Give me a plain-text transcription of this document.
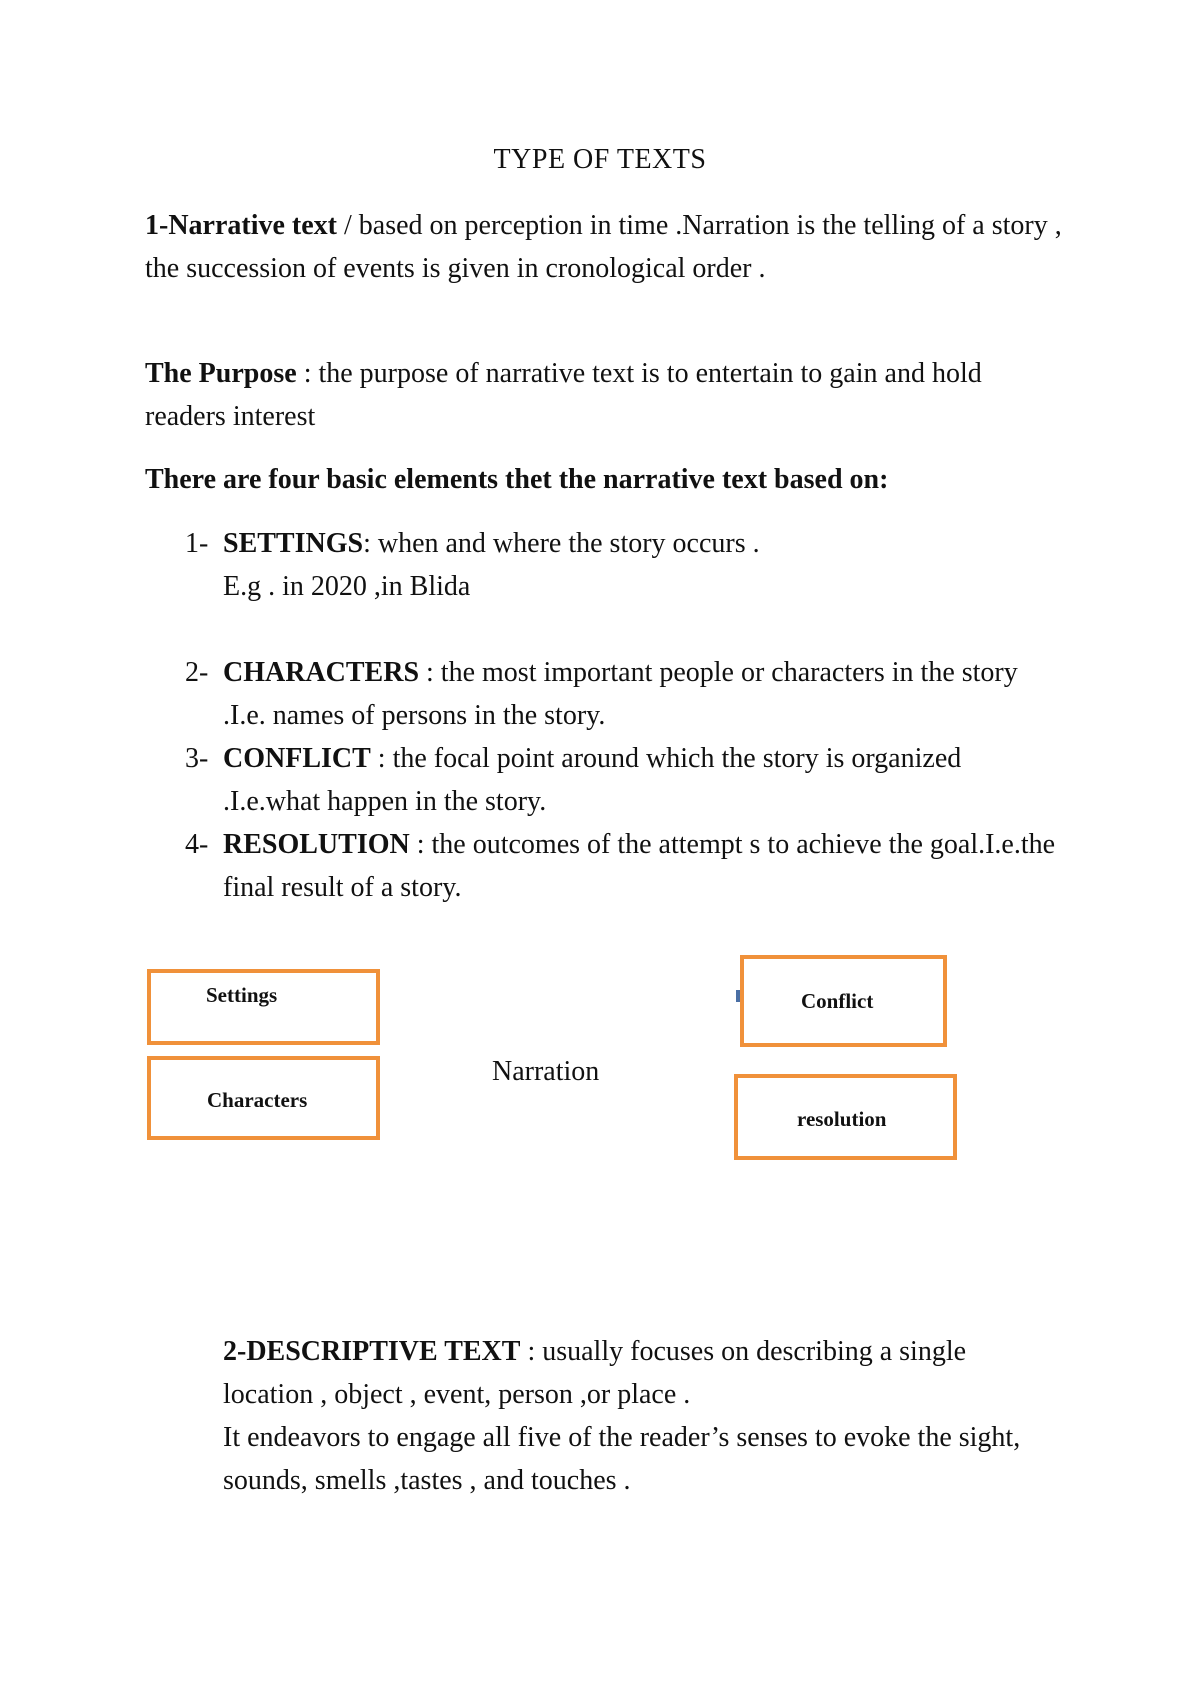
TYPE OF TEXTS
1-Narrative text / based on perception in time .Narration is the telling of a story , the succession of events is given in cronological order .
The Purpose : the purpose of narrative text is to entertain to gain and hold readers interest
There are four basic elements thet the narrative text based on:
1- SETTINGS: when and where the story occurs .
E.g . in 2020 ,in Blida
2- CHARACTERS : the most important people or characters in the story .I.e. names of persons in the story.
3- CONFLICT : the focal point around which the story is organized .I.e.what happen in the story.
4- RESOLUTION : the outcomes of the attempt s to achieve the goal.I.e.the final result of a story.
Settings
Characters
Narration
Conflict
resolution
2-DESCRIPTIVE TEXT : usually focuses on describing a single location , object , event, person ,or place .
It endeavors to engage all five of the reader’s senses to evoke the sight, sounds, smells ,tastes , and touches .
